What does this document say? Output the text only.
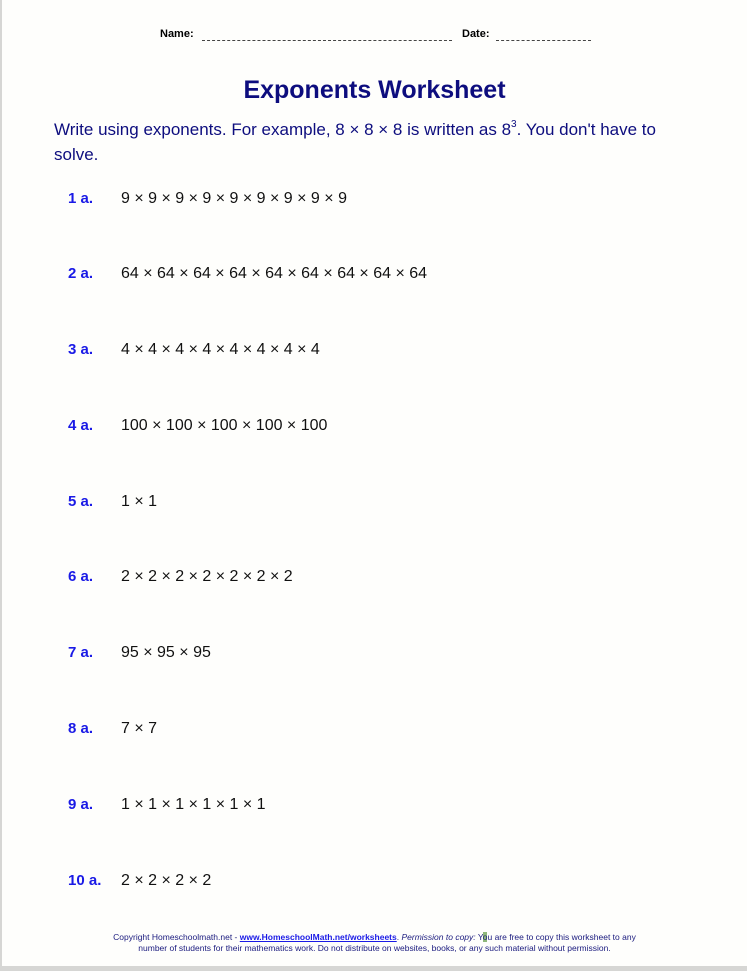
Name:	Date:
Exponents Worksheet
Write using exponents. For example, 8 × 8 × 8 is written as $8^3$. You don't have to solve.
1 a. 9 × 9 × 9 × 9 × 9 × 9 × 9 × 9 × 9
2 a. 64 × 64 × 64 × 64 × 64 × 64 × 64 × 64 × 64
3 a. 4 × 4 × 4 × 4 × 4 × 4 × 4 × 4
4 a. 100 × 100 × 100 × 100 × 100
5 a. 1 × 1
6 a. 2 × 2 × 2 × 2 × 2 × 2 × 2
7 a. 95 × 95 × 95
8 a. 7 × 7
9 a. 1 × 1 × 1 × 1 × 1 × 1
10 a. 2 × 2 × 2 × 2
Copyright Homeschoolmath.net - www.HomeschoolMath.net/worksheets. Permission to copy: You are free to copy this worksheet to any
number of students for their mathematics work. Do not distribute on websites, books, or any such material without permission.
